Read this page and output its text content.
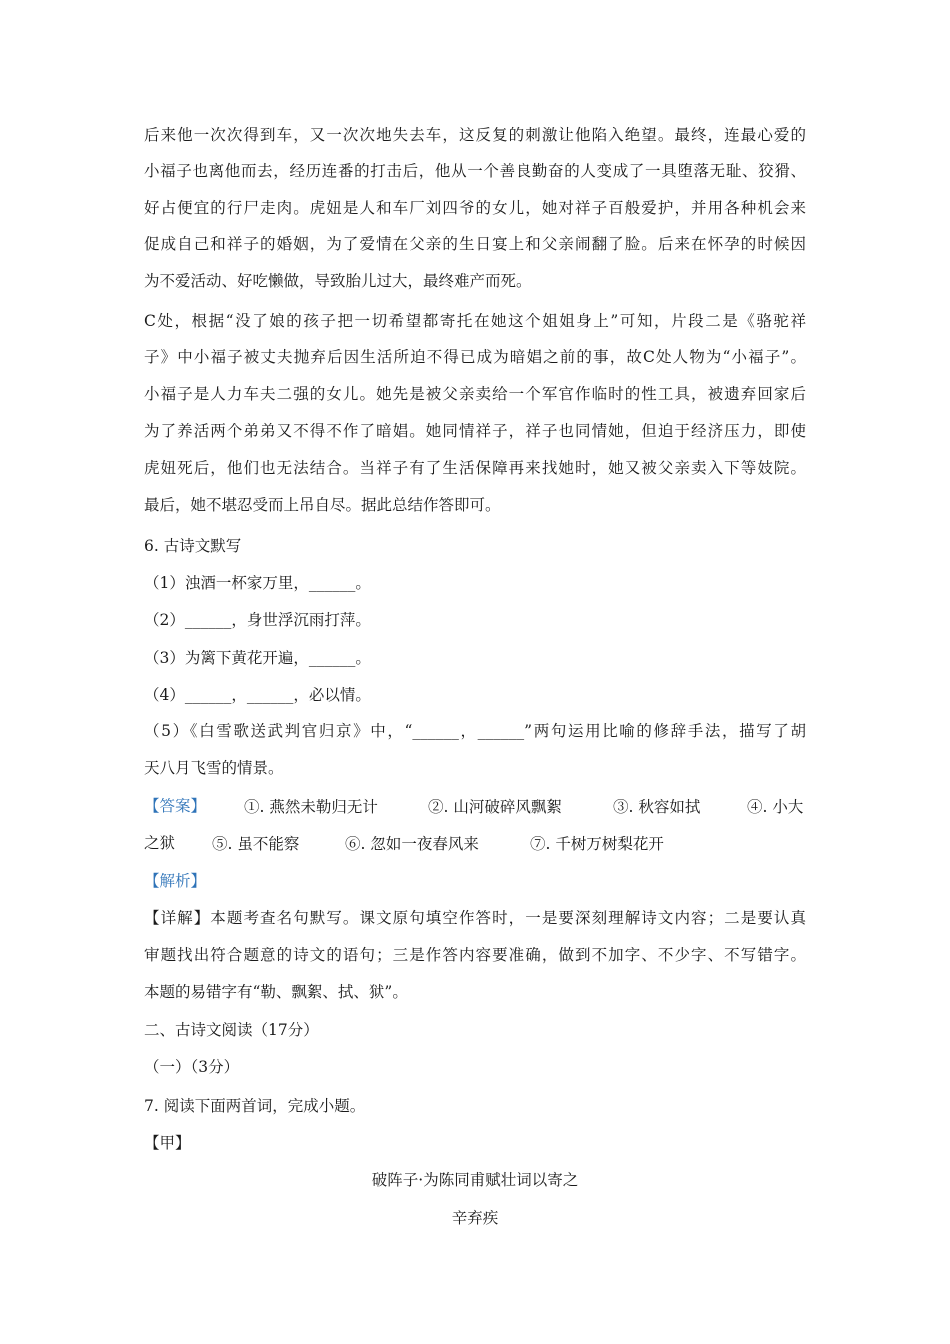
后来他一次次得到车，又一次次地失去车，这反复的刺激让他陷入绝望。最终，连最心爱的
小福子也离他而去，经历连番的打击后，他从一个善良勤奋的人变成了一具堕落无耻、狡猾、
好占便宜的行尸走肉。虎妞是人和车厂刘四爷的女儿，她对祥子百般爱护，并用各种机会来
促成自己和祥子的婚姻，为了爱情在父亲的生日宴上和父亲闹翻了脸。后来在怀孕的时候因
为不爱活动、好吃懒做，导致胎儿过大，最终难产而死。
C处，根据“没了娘的孩子把一切希望都寄托在她这个姐姐身上”可知，片段二是《骆驼祥
子》中小福子被丈夫抛弃后因生活所迫不得已成为暗娼之前的事，故C处人物为“小福子”。
小福子是人力车夫二强的女儿。她先是被父亲卖给一个军官作临时的性工具，被遗弃回家后
为了养活两个弟弟又不得不作了暗娼。她同情祥子，祥子也同情她，但迫于经济压力，即使
虎妞死后，他们也无法结合。当祥子有了生活保障再来找她时，她又被父亲卖入下等妓院。
最后，她不堪忍受而上吊自尽。据此总结作答即可。
6. 古诗文默写
（1）浊酒一杯家万里，______。
（2）______，身世浮沉雨打萍。
（3）为篱下黄花开遍，______。
（4）______，______，必以情。
（5）《白雪歌送武判官归京》中，“______，______”两句运用比喻的修辞手法，描写了胡
天八月飞雪的情景。
【答案】 ①. 燕然未勒归无计	②. 山河破碎风飘絮	③. 秋容如拭	④. 小大
之狱 ⑤. 虽不能察	⑥. 忽如一夜春风来	⑦. 千树万树梨花开
【解析】
【详解】本题考查名句默写。课文原句填空作答时，一是要深刻理解诗文内容；二是要认真
审题找出符合题意的诗文的语句；三是作答内容要准确，做到不加字、不少字、不写错字。
本题的易错字有“勒、飘絮、拭、狱”。
二、古诗文阅读（17分）
（一）（3分）
7. 阅读下面两首词，完成小题。
【甲】
破阵子·为陈同甫赋壮词以寄之
辛弃疾
